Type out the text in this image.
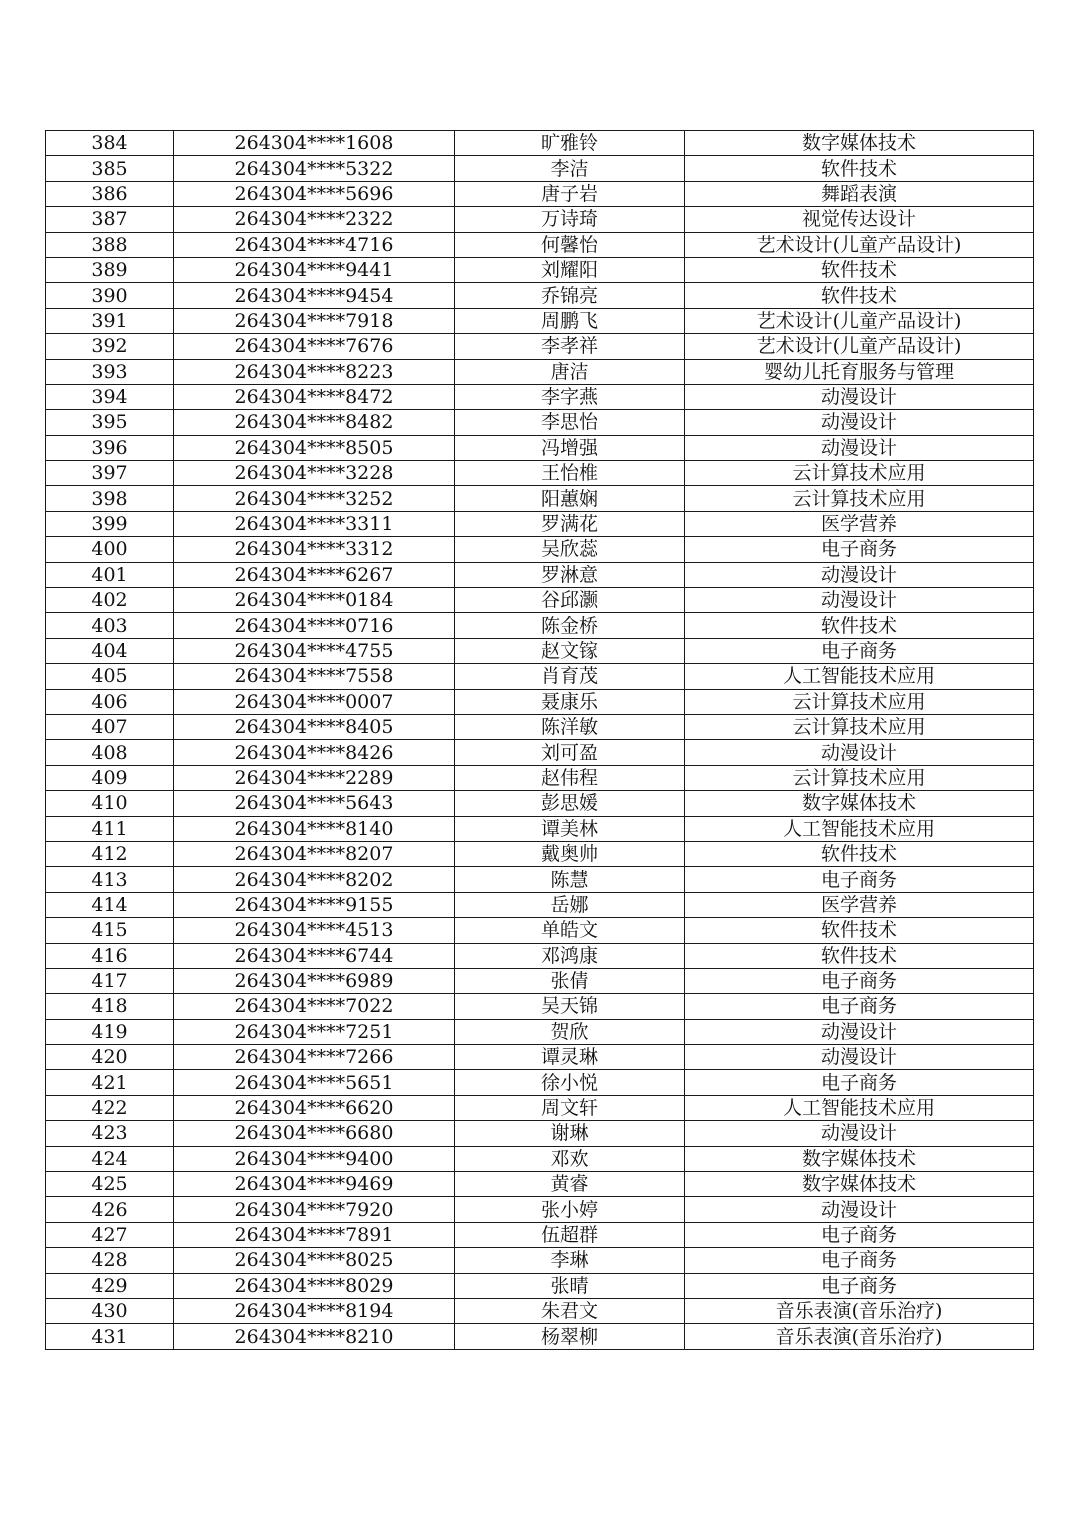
384	264304****1608	旷雅铃	数字媒体技术
385	264304****5322	李洁	软件技术
386	264304****5696	唐子岩	舞蹈表演
387	264304****2322	万诗琦	视觉传达设计
388	264304****4716	何馨怡	艺术设计(儿童产品设计)
389	264304****9441	刘耀阳	软件技术
390	264304****9454	乔锦亮	软件技术
391	264304****7918	周鹏飞	艺术设计(儿童产品设计)
392	264304****7676	李孝祥	艺术设计(儿童产品设计)
393	264304****8223	唐洁	婴幼儿托育服务与管理
394	264304****8472	李字燕	动漫设计
395	264304****8482	李思怡	动漫设计
396	264304****8505	冯增强	动漫设计
397	264304****3228	王怡椎	云计算技术应用
398	264304****3252	阳蕙娴	云计算技术应用
399	264304****3311	罗满花	医学营养
400	264304****3312	吴欣蕊	电子商务
401	264304****6267	罗淋意	动漫设计
402	264304****0184	谷邱灏	动漫设计
403	264304****0716	陈金桥	软件技术
404	264304****4755	赵文镓	电子商务
405	264304****7558	肖育茂	人工智能技术应用
406	264304****0007	聂康乐	云计算技术应用
407	264304****8405	陈洋敏	云计算技术应用
408	264304****8426	刘可盈	动漫设计
409	264304****2289	赵伟程	云计算技术应用
410	264304****5643	彭思媛	数字媒体技术
411	264304****8140	谭美林	人工智能技术应用
412	264304****8207	戴奥帅	软件技术
413	264304****8202	陈慧	电子商务
414	264304****9155	岳娜	医学营养
415	264304****4513	单皓文	软件技术
416	264304****6744	邓鸿康	软件技术
417	264304****6989	张倩	电子商务
418	264304****7022	吴天锦	电子商务
419	264304****7251	贺欣	动漫设计
420	264304****7266	谭灵琳	动漫设计
421	264304****5651	徐小悦	电子商务
422	264304****6620	周文轩	人工智能技术应用
423	264304****6680	谢琳	动漫设计
424	264304****9400	邓欢	数字媒体技术
425	264304****9469	黄睿	数字媒体技术
426	264304****7920	张小婷	动漫设计
427	264304****7891	伍超群	电子商务
428	264304****8025	李琳	电子商务
429	264304****8029	张晴	电子商务
430	264304****8194	朱君文	音乐表演(音乐治疗)
431	264304****8210	杨翠柳	音乐表演(音乐治疗)
